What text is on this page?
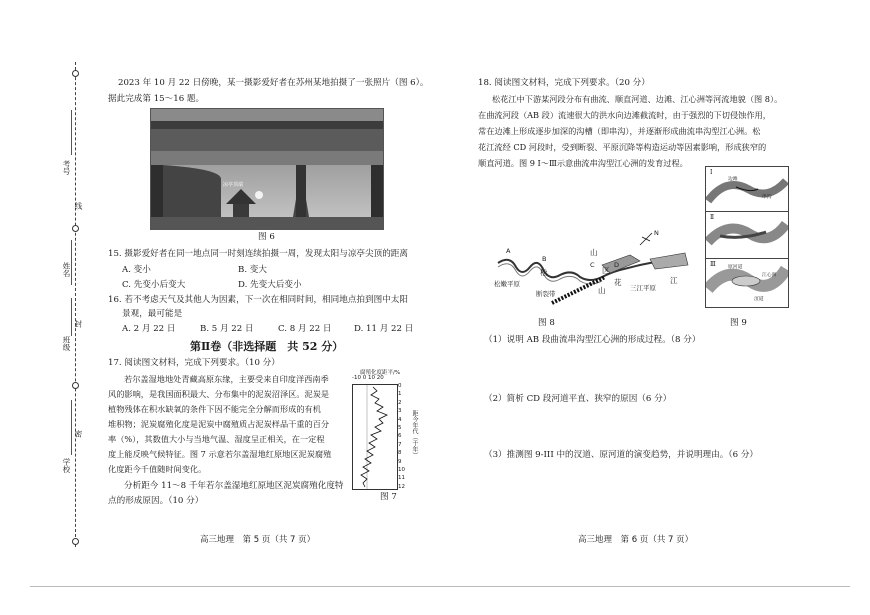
考号
线
姓名
封
班级
密
学校
2023 年 10 月 22 日傍晚，某一摄影爱好者在苏州某地拍摄了一张照片（图 6）。
据此完成第 15～16 题。
凉亭顶端
图 6
15. 摄影爱好者在同一地点同一时刻连续拍摄一周，发现太阳与凉亭尖顶的距离
A. 变小	B. 变大
C. 先变小后变大	D. 先变大后变小
16. 若不考虑天气及其他人为因素，下一次在相同时间，相同地点拍到图中太阳
景观，最可能是
A. 2 月 22 日	B. 5 月 22 日	C. 8 月 22 日	D. 11 月 22 日
第Ⅱ卷（非选择题　共 52 分）
17. 阅读图文材料，完成下列要求。（10 分）
若尔盖湿地地处青藏高原东缘，主要受来自印度洋西南季
风的影响，是我国面积最大、分布集中的泥炭沼泽区。泥炭是
植物残体在积水缺氧的条件下因不能完全分解而形成的有机
堆积物；泥炭腐殖化度是泥炭中腐殖质占泥炭样品干重的百分
率（%），其数值大小与当地气温、湿度呈正相关，在一定程
度上能反映气候特征。图 7 示意若尔盖湿地红原地区泥炭腐殖
化度距今千值随时间变化。
分析距今 11～8 千年若尔盖湿地红原地区泥炭腐殖化度特
点的形成原因。（10 分）
腐殖化度距平/%
-10 0 10 20
0
1
2
3
4
5
6
7
8
9
10
11
12
距今年代（千年）
图 7
高三地理　第 5 页（共 7 页）
18. 阅读图文材料，完成下列要求。（20 分）
松花江中下游某河段分布有曲流、顺直河道、边滩、江心洲等河流地貌（图 8）。
在曲流河段（AB 段）流速很大的洪水向边滩截流时，由于强烈的下切侵蚀作用，
常在边滩上形成逐步加深的沟槽（即串沟），并逐渐形成曲流串沟型江心洲。松
花江流经 CD 河段时，受到断裂、平原沉降等构造运动等因素影响，形成狭窄的
顺直河道。图 9 Ⅰ～Ⅲ示意曲流串沟型江心洲的发育过程。
A
B
C	D
松
花	江
山
山
区
N
松嫩平原
断裂带
三江平原
图 8
Ⅰ
边滩
串沟
Ⅱ
Ⅲ	原河道
江心洲
汊道
图 9
（1）说明 AB 段曲流串沟型江心洲的形成过程。（8 分）
（2）简析 CD 段河道平直、狭窄的原因（6 分）
（3）推测图 9-III 中的汊道、原河道的演变趋势，并说明理由。（6 分）
高三地理　第 6 页（共 7 页）
